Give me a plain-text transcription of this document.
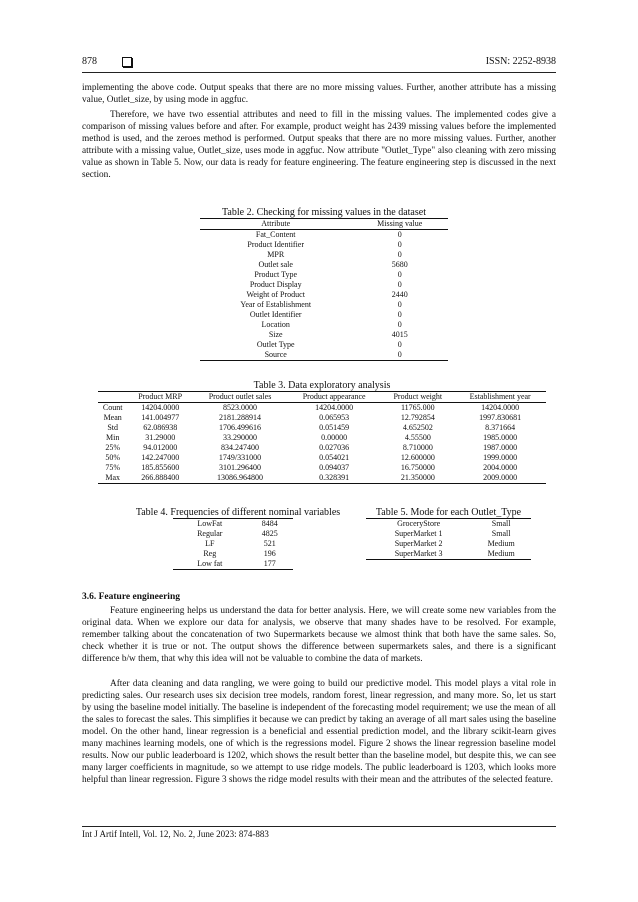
878	ISSN: 2252-8938

implementing the above code. Output speaks that there are no more missing values. Further, another attribute has a missing value, Outlet_size, by using mode in aggfuc.

Therefore, we have two essential attributes and need to fill in the missing values. The implemented codes give a comparison of missing values before and after. For example, product weight has 2439 missing values before the implemented method is used, and the zeroes method is performed. Output speaks that there are no more missing values. Further, another attribute with a missing value, Outlet_size, uses mode in aggfuc. Now attribute "Outlet_Type" also cleaning with zero missing value as shown in Table 5. Now, our data is ready for feature engineering. The feature engineering step is discussed in the next section.

Table 2. Checking for missing values in the dataset
Attribute	Missing value
Fat_Content	0
Product Identifier	0
MPR	0
Outlet sale	5680
Product Type	0
Product Display	0
Weight of Product	2440
Year of Establishment	0
Outlet Identifier	0
Location	0
Size	4015
Outlet Type	0
Source	0
Table 3. Data exploratory analysis
	Product MRP	Product outlet sales	Product appearance	Product weight	Establishment year
Count	14204.0000	8523.0000	14204.0000	11765.000	14204.0000
Mean	141.004977	2181.288914	0.065953	12.792854	1997.830681
Std	62.086938	1706.499616	0.051459	4.652502	8.371664
Min	31.29000	33.290000	0.00000	4.55500	1985.0000
25%	94.012000	834.247400	0.027036	8.710000	1987.0000
50%	142.247000	1749/331000	0.054021	12.600000	1999.0000
75%	185.855600	3101.296400	0.094037	16.750000	2004.0000
Max	266.888400	13086.964800	0.328391	21.350000	2009.0000
Table 4. Frequencies of different nominal variables
LowFat	8484
Regular	4825
LF	521
Reg	196
Low fat	177
Table 5. Mode for each Outlet_Type
GroceryStore	Small
SuperMarket 1	Small
SuperMarket 2	Medium
SuperMarket 3	Medium
3.6. Feature engineering

Feature engineering helps us understand the data for better analysis. Here, we will create some new variables from the original data. When we explore our data for analysis, we observe that many shades have to be resolved. For example, remember talking about the concatenation of two Supermarkets because we almost think that both have the same sales. So, check whether it is true or not. The output shows the difference between supermarkets sales, and there is a significant difference b/w them, that why this idea will not be valuable to combine the data of markets.

After data cleaning and data rangling, we were going to build our predictive model. This model plays a vital role in predicting sales. Our research uses six decision tree models, random forest, linear regression, and many more. So, let us start by using the baseline model initially. The baseline is independent of the forecasting model requirement; we use the mean of all the sales to forecast the sales. This simplifies it because we can predict by taking an average of all mart sales using the baseline model. On the other hand, linear regression is a beneficial and essential prediction model, and the library scikit-learn gives many machines learning models, one of which is the regressions model. Figure 2 shows the linear regression baseline model results. Now our public leaderboard is 1202, which shows the result better than the baseline model, but despite this, we can see many larger coefficients in magnitude, so we attempt to use ridge models. The public leaderboard is 1203, which looks more helpful than linear regression. Figure 3 shows the ridge model results with their mean and the attributes of the selected feature.

Int J Artif Intell, Vol. 12, No. 2, June 2023: 874-883
